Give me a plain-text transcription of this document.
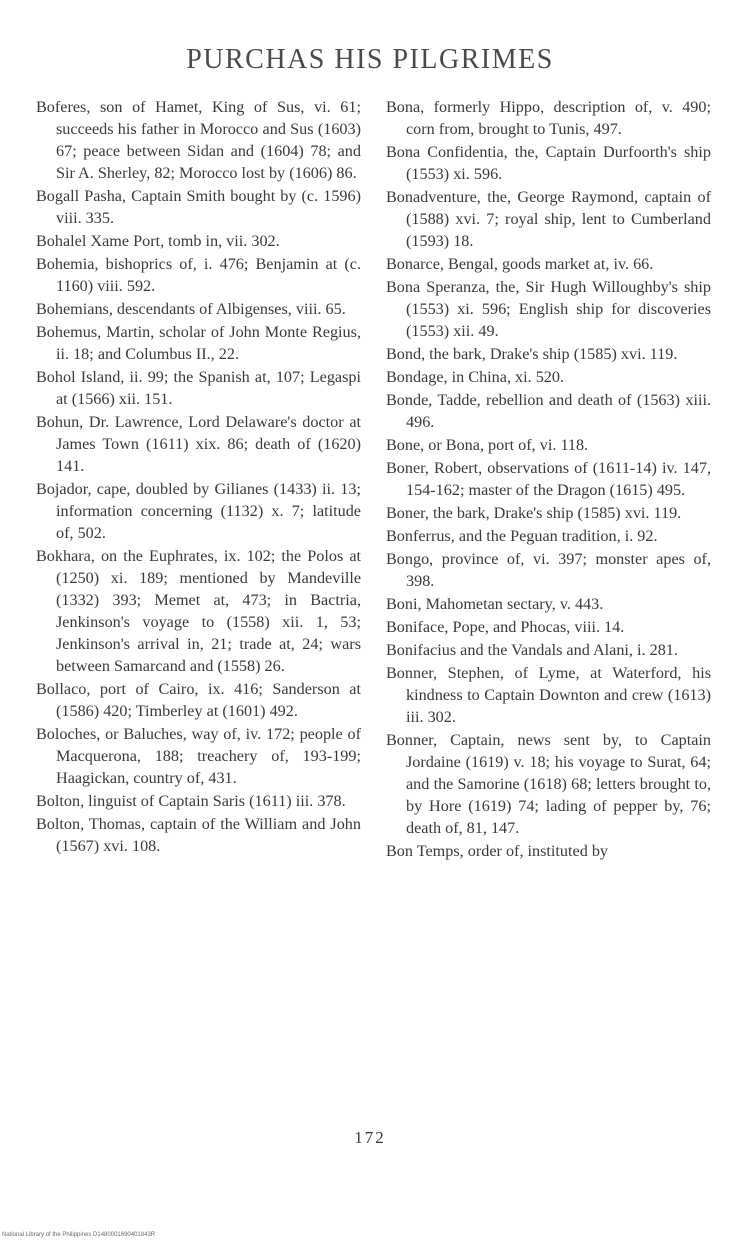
PURCHAS HIS PILGRIMES

Boferes, son of Hamet, King of Sus, vi. 61; succeeds his father in Morocco and Sus (1603) 67; peace between Sidan and (1604) 78; and Sir A. Sherley, 82; Morocco lost by (1606) 86.

Bogall Pasha, Captain Smith bought by (c. 1596) viii. 335.

Bohalel Xame Port, tomb in, vii. 302.

Bohemia, bishoprics of, i. 476; Benjamin at (c. 1160) viii. 592.

Bohemians, descendants of Albigenses, viii. 65.

Bohemus, Martin, scholar of John Monte Regius, ii. 18; and Columbus II., 22.

Bohol Island, ii. 99; the Spanish at, 107; Legaspi at (1566) xii. 151.

Bohun, Dr. Lawrence, Lord Delaware's doctor at James Town (1611) xix. 86; death of (1620) 141.

Bojador, cape, doubled by Gilianes (1433) ii. 13; information concerning (1132) x. 7; latitude of, 502.

Bokhara, on the Euphrates, ix. 102; the Polos at (1250) xi. 189; mentioned by Mandeville (1332) 393; Memet at, 473; in Bactria, Jenkinson's voyage to (1558) xii. 1, 53; Jenkinson's arrival in, 21; trade at, 24; wars between Samarcand and (1558) 26.

Bollaco, port of Cairo, ix. 416; Sanderson at (1586) 420; Timberley at (1601) 492.

Boloches, or Baluches, way of, iv. 172; people of Macquerona, 188; treachery of, 193-199; Haagickan, country of, 431.

Bolton, linguist of Captain Saris (1611) iii. 378.

Bolton, Thomas, captain of the William and John (1567) xvi. 108.

Bona, formerly Hippo, description of, v. 490; corn from, brought to Tunis, 497.

Bona Confidentia, the, Captain Durfoorth's ship (1553) xi. 596.

Bonadventure, the, George Raymond, captain of (1588) xvi. 7; royal ship, lent to Cumberland (1593) 18.

Bonarce, Bengal, goods market at, iv. 66.

Bona Speranza, the, Sir Hugh Willoughby's ship (1553) xi. 596; English ship for discoveries (1553) xii. 49.

Bond, the bark, Drake's ship (1585) xvi. 119.

Bondage, in China, xi. 520.

Bonde, Tadde, rebellion and death of (1563) xiii. 496.

Bone, or Bona, port of, vi. 118.

Boner, Robert, observations of (1611-14) iv. 147, 154-162; master of the Dragon (1615) 495.

Boner, the bark, Drake's ship (1585) xvi. 119.

Bonferrus, and the Peguan tradition, i. 92.

Bongo, province of, vi. 397; monster apes of, 398.

Boni, Mahometan sectary, v. 443.

Boniface, Pope, and Phocas, viii. 14.

Bonifacius and the Vandals and Alani, i. 281.

Bonner, Stephen, of Lyme, at Waterford, his kindness to Captain Downton and crew (1613) iii. 302.

Bonner, Captain, news sent by, to Captain Jordaine (1619) v. 18; his voyage to Surat, 64; and the Samorine (1618) 68; letters brought to, by Hore (1619) 74; lading of pepper by, 76; death of, 81, 147.

Bon Temps, order of, instituted by

172
National Library of the Philippines D1480001690401843R
